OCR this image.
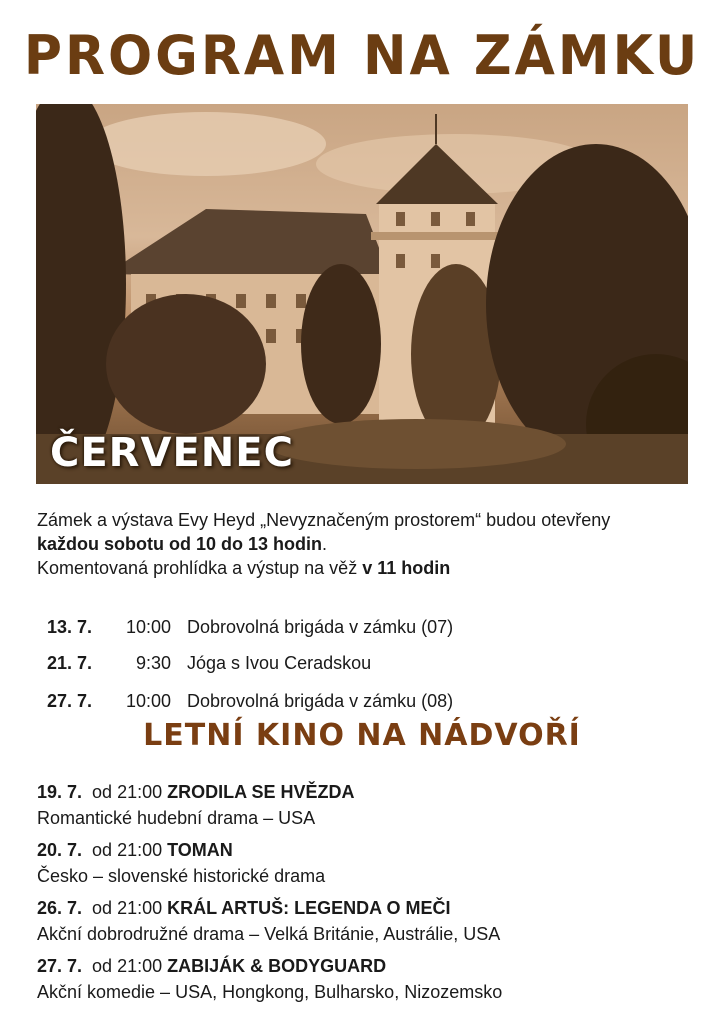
PROGRAM NA ZÁMKU
ČERVENEC
Zámek a výstava Evy Heyd „Nevyznačeným prostorem“ budou otevřeny
každou sobotu od 10 do 13 hodin.
Komentovaná prohlídka a výstup na věž v 11 hodin

13. 7. 10:00 Dobrovolná brigáda v zámku (07)

21. 7. 9:30 Jóga s Ivou Ceradskou

27. 7. 10:00 Dobrovolná brigáda v zámku (08)

LETNÍ KINO NA NÁDVOŘÍ
19. 7. od 21:00 ZRODILA SE HVĚZDA
Romantické hudební drama – USA
20. 7. od 21:00 TOMAN
Česko – slovenské historické drama
26. 7. od 21:00 KRÁL ARTUŠ: LEGENDA O MEČI
Akční dobrodružné drama – Velká Británie, Austrálie, USA
27. 7. od 21:00 ZABIJÁK & BODYGUARD
Akční komedie – USA, Hongkong, Bulharsko, Nizozemsko
